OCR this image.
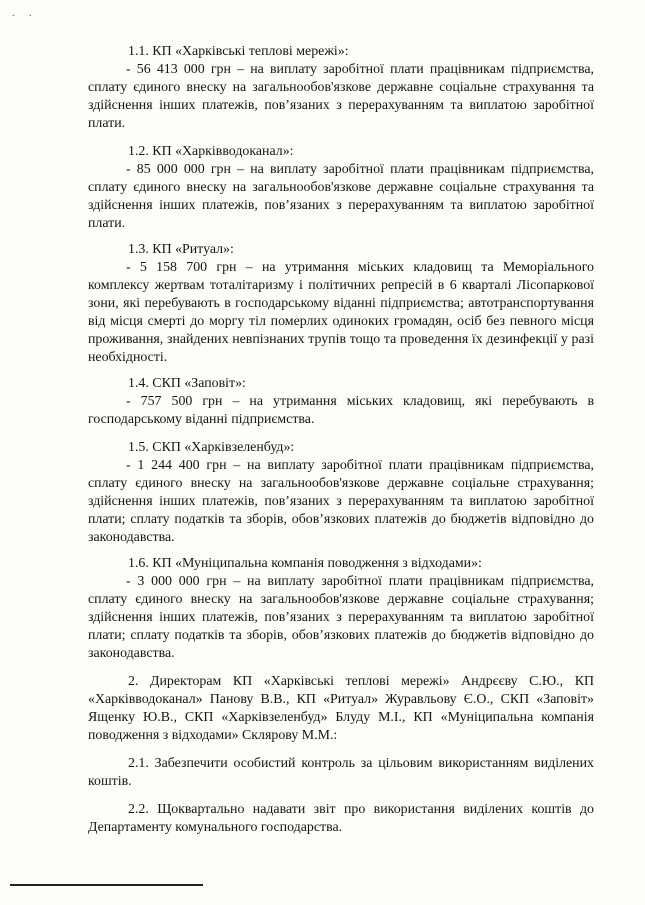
. .
1.1. КП «Харківські теплові мережі»:
- 56 413 000 грн – на виплату заробітної плати працівникам підприємства, сплату єдиного внеску на загальнообов'язкове державне соціальне страхування та здійснення інших платежів, пов’язаних з перерахуванням та виплатою заробітної плати.
1.2. КП «Харківводоканал»:
- 85 000 000 грн – на виплату заробітної плати працівникам підприємства, сплату єдиного внеску на загальнообов'язкове державне соціальне страхування та здійснення інших платежів, пов’язаних з перерахуванням та виплатою заробітної плати.
1.3. КП «Ритуал»:
- 5 158 700 грн – на утримання міських кладовищ та Меморіального комплексу жертвам тоталітаризму і політичних репресій в 6 кварталі Лісопаркової зони, які перебувають в господарському віданні підприємства; автотранспортування від місця смерті до моргу тіл померлих одиноких громадян, осіб без певного місця проживання, знайдених невпізнаних трупів тощо та проведення їх дезинфекції у разі необхідності.
1.4. СКП «Заповіт»:
- 757 500 грн – на утримання міських кладовищ, які перебувають в господарському віданні підприємства.
1.5. СКП «Харківзеленбуд»:
- 1 244 400 грн – на виплату заробітної плати працівникам підприємства, сплату єдиного внеску на загальнообов'язкове державне соціальне страхування; здійснення інших платежів, пов’язаних з перерахуванням та виплатою заробітної плати; сплату податків та зборів, обов’язкових платежів до бюджетів відповідно до законодавства.
1.6. КП «Муніципальна компанія поводження з відходами»:
- 3 000 000 грн – на виплату заробітної плати працівникам підприємства, сплату єдиного внеску на загальнообов'язкове державне соціальне страхування; здійснення інших платежів, пов’язаних з перерахуванням та виплатою заробітної плати; сплату податків та зборів, обов’язкових платежів до бюджетів відповідно до законодавства.
2. Директорам КП «Харківські теплові мережі» Андрєєву С.Ю., КП «Харківводоканал» Панову В.В., КП «Ритуал» Журавльову Є.О., СКП «Заповіт» Ященку Ю.В., СКП «Харківзеленбуд» Блуду М.І., КП «Муніципальна компанія поводження з відходами» Склярову М.М.:
2.1. Забезпечити особистий контроль за цільовим використанням виділених коштів.
2.2. Щоквартально надавати звіт про використання виділених коштів до Департаменту комунального господарства.
